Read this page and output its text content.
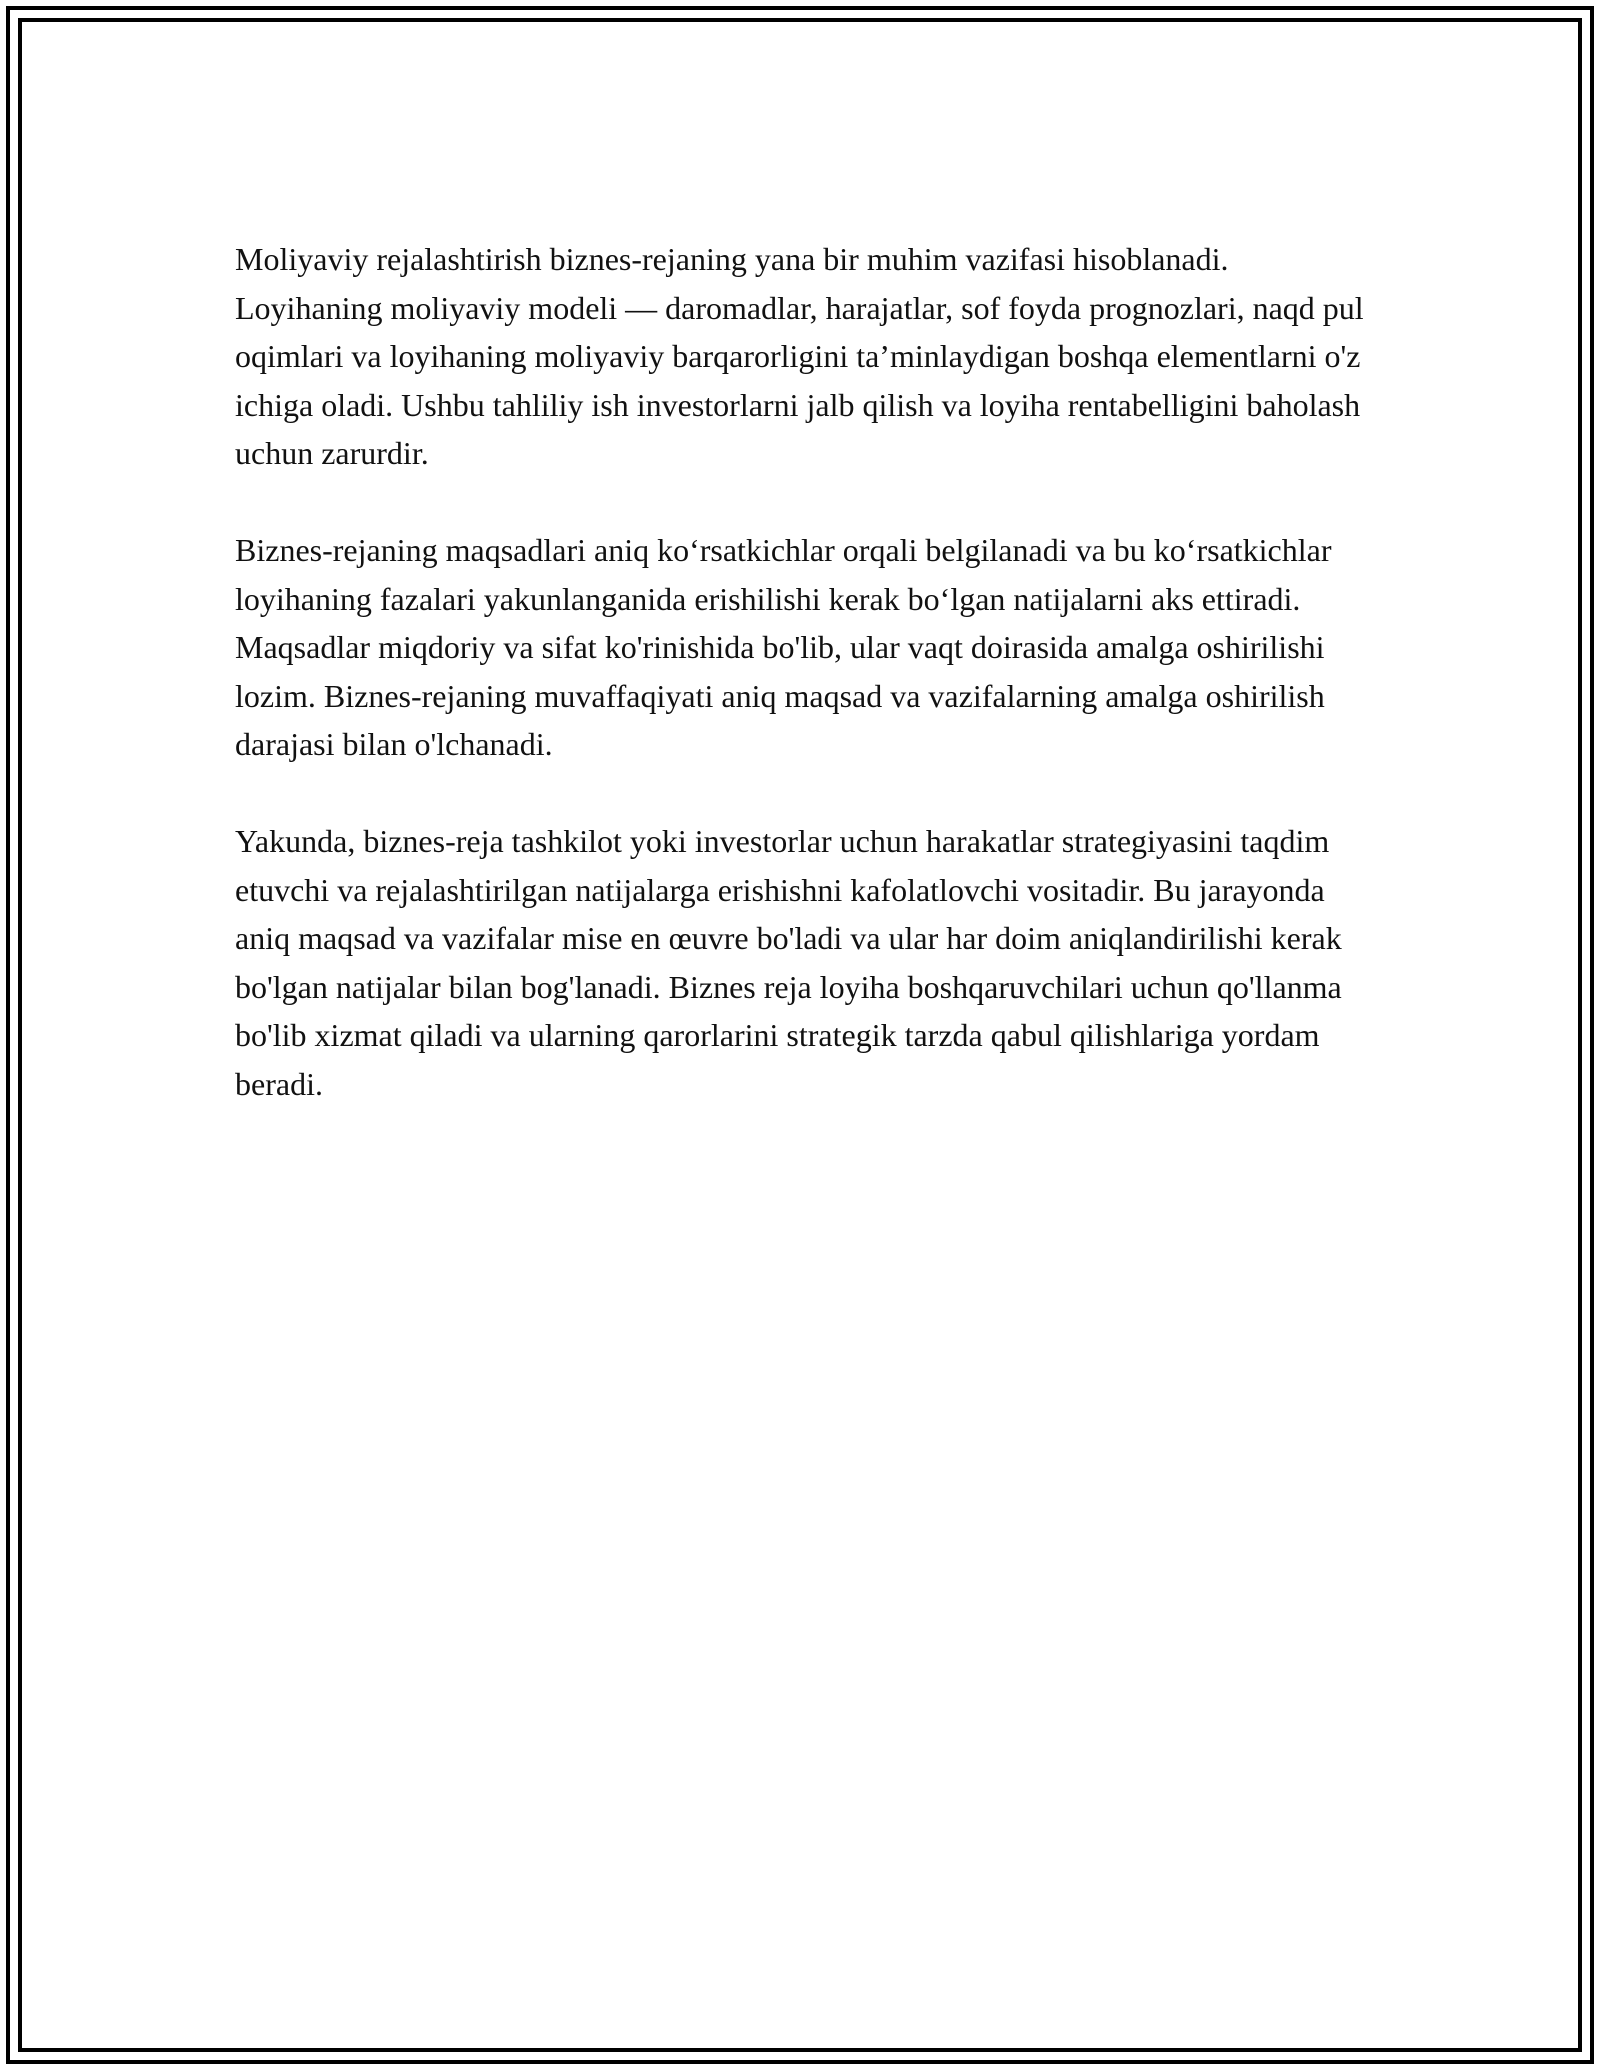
Moliyaviy rejalashtirish biznes-rejaning yana bir muhim vazifasi hisoblanadi. Loyihaning moliyaviy modeli — daromadlar, harajatlar, sof foyda prognozlari, naqd pul oqimlari va loyihaning moliyaviy barqarorligini ta’minlaydigan boshqa elementlarni o'z ichiga oladi. Ushbu tahliliy ish investorlarni jalb qilish va loyiha rentabelligini baholash uchun zarurdir.

Biznes-rejaning maqsadlari aniq koʻrsatkichlar orqali belgilanadi va bu koʻrsatkichlar loyihaning fazalari yakunlanganida erishilishi kerak boʻlgan natijalarni aks ettiradi. Maqsadlar miqdoriy va sifat ko'rinishida bo'lib, ular vaqt doirasida amalga oshirilishi lozim. Biznes-rejaning muvaffaqiyati aniq maqsad va vazifalarning amalga oshirilish darajasi bilan o'lchanadi.

Yakunda, biznes-reja tashkilot yoki investorlar uchun harakatlar strategiyasini taqdim etuvchi va rejalashtirilgan natijalarga erishishni kafolatlovchi vositadir. Bu jarayonda aniq maqsad va vazifalar mise en œuvre bo'ladi va ular har doim aniqlandirilishi kerak bo'lgan natijalar bilan bog'lanadi. Biznes reja loyiha boshqaruvchilari uchun qo'llanma bo'lib xizmat qiladi va ularning qarorlarini strategik tarzda qabul qilishlariga yordam beradi.
